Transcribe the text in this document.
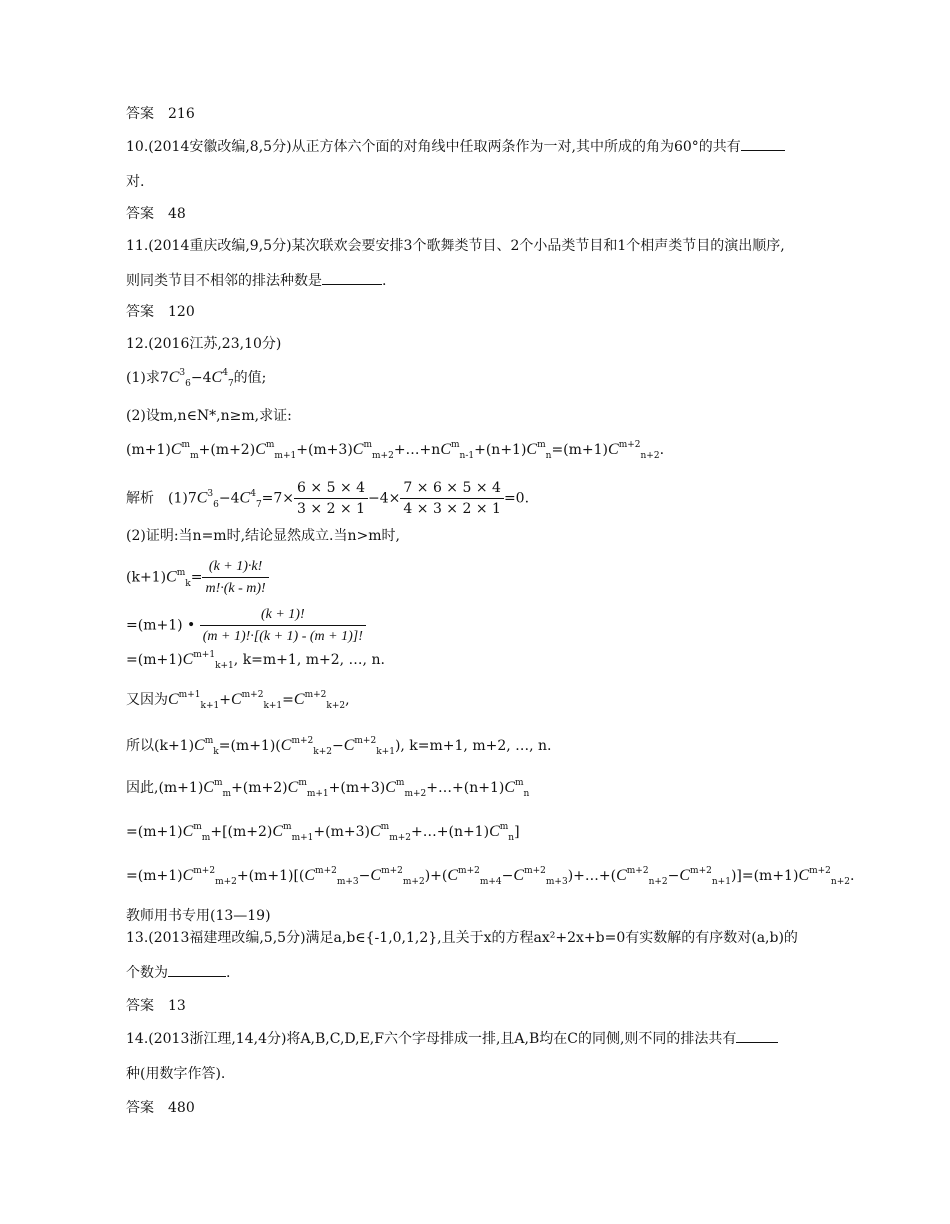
答案　216
10.(2014安徽改编,8,5分)从正方体六个面的对角线中任取两条作为一对,其中所成的角为60°的共有
对.
答案　48
11.(2014重庆改编,9,5分)某次联欢会要安排3个歌舞类节目、2个小品类节目和1个相声类节目的演出顺序,
则同类节目不相邻的排法种数是	.
答案　120
12.(2016江苏,23,10分)
(1)求$7C^3_6-4C^4_7$的值;
(2)设m,n∈N*,n≥m,求证:
$(m+1)C^m_m+(m+2)C^m_{m+1}+(m+3)C^m_{m+2}+\dots+nC^m_{n-1}+(n+1)C^m_n=(m+1)C^{m+2}_{n+2}$.
解析　 $(1)7C^3_6-4C^4_7=7\times \frac{6 \times 5 \times 4}{3 \times 2 \times 1} -4\times \frac{7 \times 6 \times 5 \times 4}{4 \times 3 \times 2 \times 1} =0$.
(2)证明:当n=m时,结论显然成立.当n>m时,
$(k+1)C^m_k= \frac{(k + 1)\cdot k!}{m!\cdot(k - m)!}$
=(m+1) • $\frac{(k + 1)!}{(m + 1)!\cdot[(k + 1) - (m + 1)]!}$
$=(m+1)C^{m+1}_{k+1}$, k=m+1, m+2, …, n.
又因为$C^{m+1}_{k+1}+C^{m+2}_{k+1}=C^{m+2}_{k+2}$,
所以$(k+1)C^m_k=(m+1)(C^{m+2}_{k+2}-C^{m+2}_{k+1})$, k=m+1, m+2, …, n.
因此$,(m+1)C^m_m+(m+2)C^m_{m+1}+(m+3)C^m_{m+2}+\dots+(n+1)C^m_n$
$=(m+1)C^m_m+[(m+2)C^m_{m+1}+(m+3)C^m_{m+2}+\dots+(n+1)C^m_n]$
$=(m+1)C^{m+2}_{m+2}+(m+1)[(C^{m+2}_{m+3}-C^{m+2}_{m+2})+(C^{m+2}_{m+4}-C^{m+2}_{m+3})+\dots+(C^{m+2}_{n+2}-C^{m+2}_{n+1})]=(m+1)C^{m+2}_{n+2}$.
教师用书专用(13—19)
13.(2013福建理改编,5,5分)满足a,b∈{-1,0,1,2},且关于x的方程ax²+2x+b=0有实数解的有序数对(a,b)的
个数为	.
答案　13
14.(2013浙江理,14,4分)将A,B,C,D,E,F六个字母排成一排,且A,B均在C的同侧,则不同的排法共有
种(用数字作答).
答案　480
